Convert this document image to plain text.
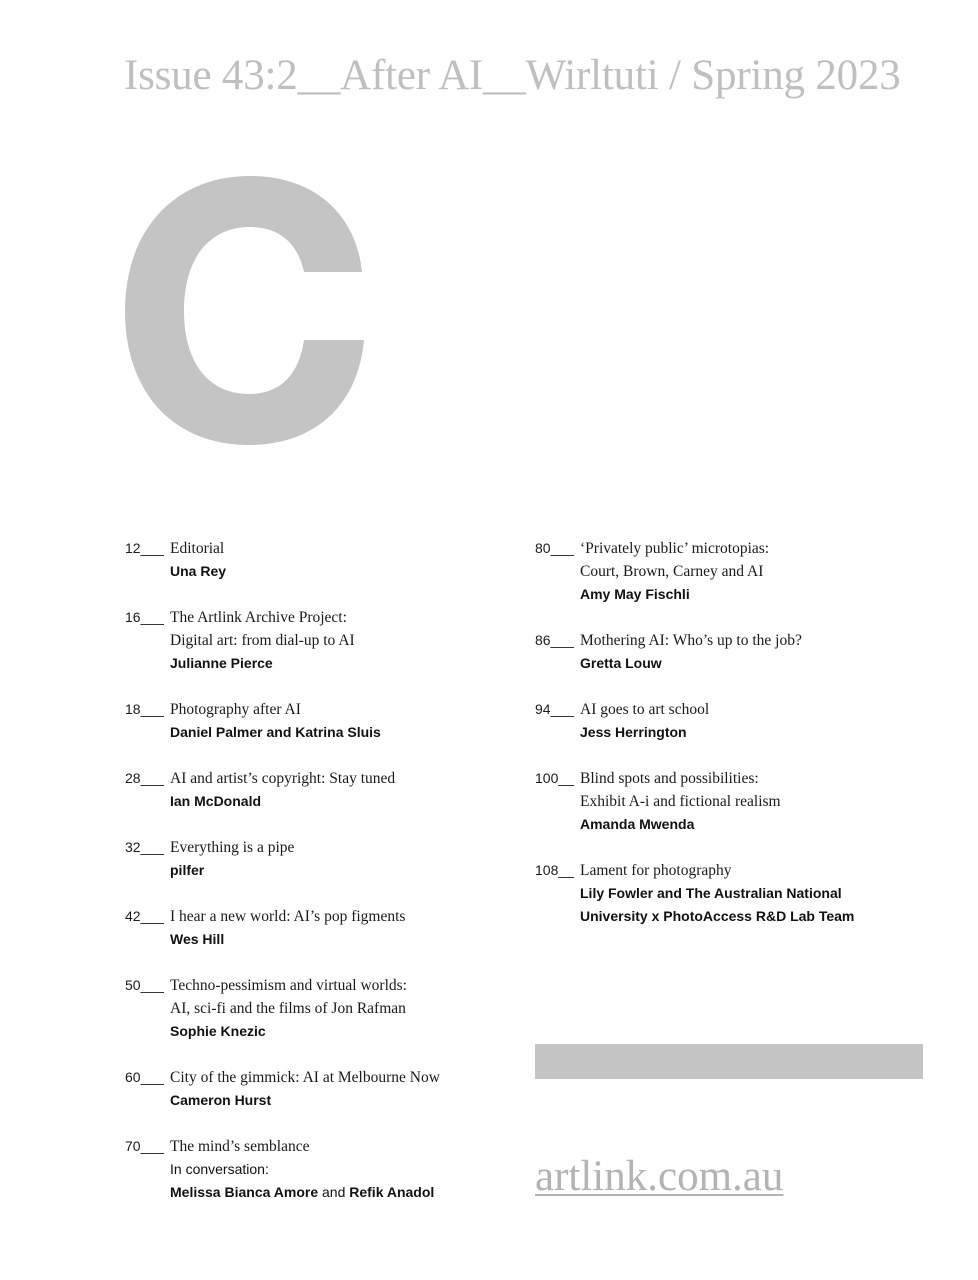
Issue 43:2__After AI__Wirltuti / Spring 2023
12___ Editorial
Una Rey
16___ The Artlink Archive Project:
Digital art: from dial-up to AI
Julianne Pierce
18___ Photography after AI
Daniel Palmer and Katrina Sluis
28___ AI and artist’s copyright: Stay tuned
Ian McDonald
32___ Everything is a pipe
pilfer
42___ I hear a new world: AI’s pop figments
Wes Hill
50___ Techno-pessimism and virtual worlds:
AI, sci-fi and the films of Jon Rafman
Sophie Knezic
60___ City of the gimmick: AI at Melbourne Now
Cameron Hurst
70___ The mind’s semblance
In conversation:
Melissa Bianca Amore and Refik Anadol
80___ ‘Privately public’ microtopias:
Court, Brown, Carney and AI
Amy May Fischli
86___ Mothering AI: Who’s up to the job?
Gretta Louw
94___ AI goes to art school
Jess Herrington
100__ Blind spots and possibilities:
Exhibit A-i and fictional realism
Amanda Mwenda
108__ Lament for photography
Lily Fowler and The Australian National
University x PhotoAccess R&D Lab Team
artlink.com.au
